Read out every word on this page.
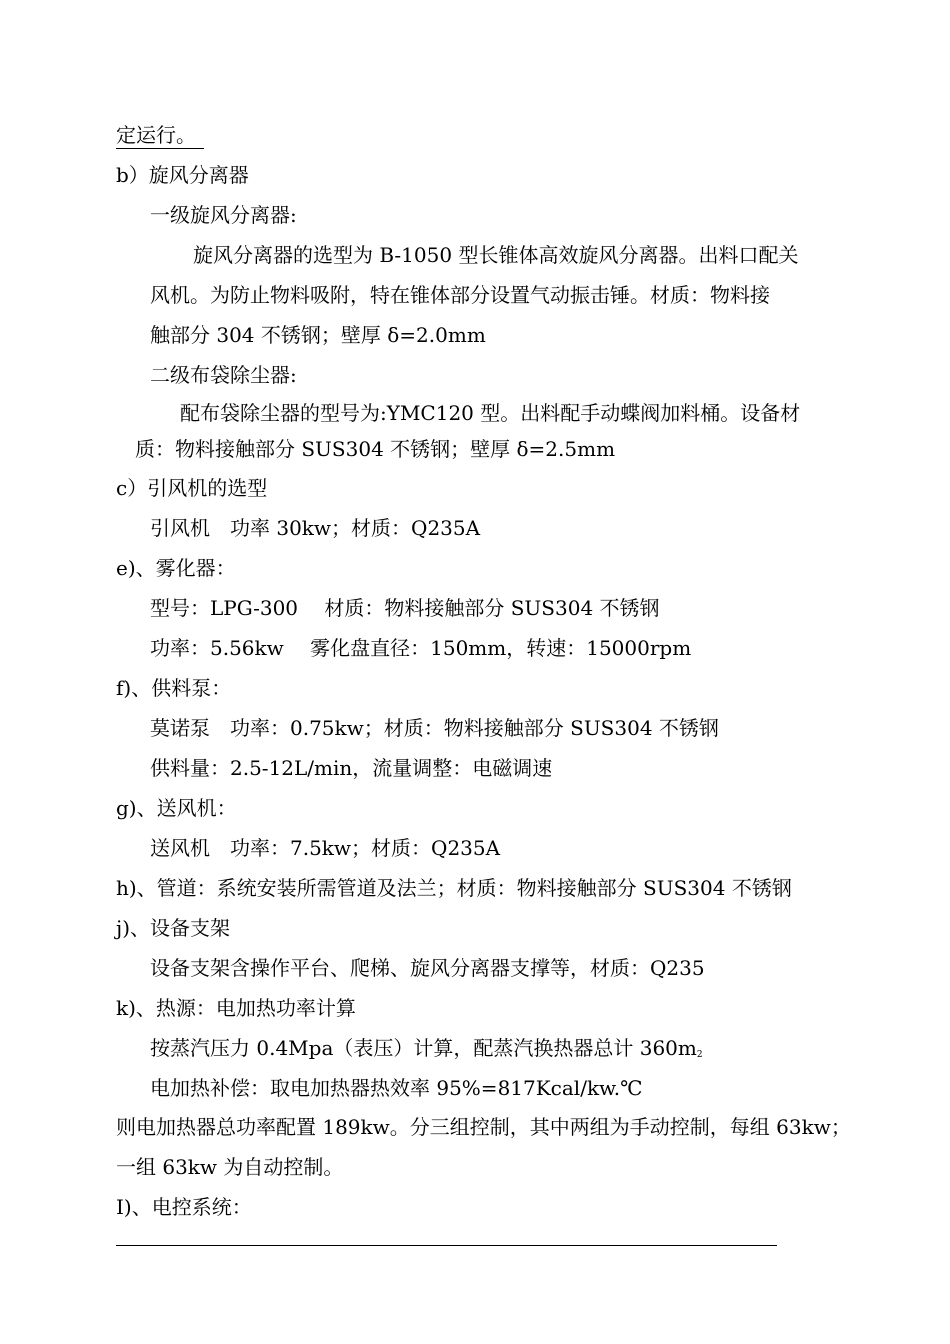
定运行。
b）旋风分离器
一级旋风分离器:
旋风分离器的选型为 B-1050 型长锥体高效旋风分离器。出料口配关
风机。为防止物料吸附，特在锥体部分设置气动振击锤。材质：物料接
触部分 304 不锈钢；壁厚 δ=2.0mm
二级布袋除尘器:
配布袋除尘器的型号为:YMC120 型。出料配手动蝶阀加料桶。设备材
质：物料接触部分 SUS304 不锈钢；壁厚 δ=2.5mm
c）引风机的选型
引风机　功率 30kw；材质：Q235A
e)、雾化器：
型号：LPG-300　 材质：物料接触部分 SUS304 不锈钢
功率：5.56kw　 雾化盘直径：150mm，转速：15000rpm
f)、供料泵：
莫诺泵　功率：0.75kw；材质：物料接触部分 SUS304 不锈钢
供料量：2.5-12L/min，流量调整：电磁调速
g)、送风机：
送风机　功率：7.5kw；材质：Q235A
h)、管道：系统安装所需管道及法兰；材质：物料接触部分 SUS304 不锈钢
j)、设备支架
设备支架含操作平台、爬梯、旋风分离器支撑等，材质：Q235
k)、热源：电加热功率计算
按蒸汽压力 0.4Mpa（表压）计算，配蒸汽换热器总计 $360m_2$
电加热补偿：取电加热器热效率 95%=817Kcal/kw.℃
则电加热器总功率配置 189kw。分三组控制，其中两组为手动控制，每组 63kw；
一组 63kw 为自动控制。
I)、电控系统：
